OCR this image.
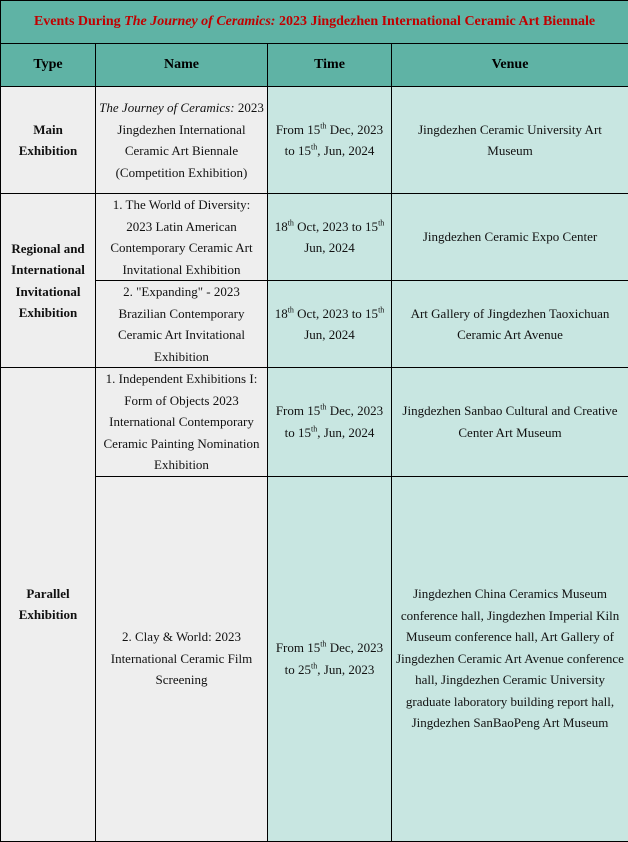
Events During The Journey of Ceramics: 2023 Jingdezhen International Ceramic Art Biennale			
Type	Name	Time	Venue
Main Exhibition	The Journey of Ceramics: 2023 Jingdezhen International Ceramic Art Biennale (Competition Exhibition)	From 15th Dec, 2023 to 15th, Jun, 2024	Jingdezhen Ceramic University Art Museum
Regional and International Invitational Exhibition	1. The World of Diversity: 2023 Latin American Contemporary Ceramic Art Invitational Exhibition	18th Oct, 2023 to 15th Jun, 2024	Jingdezhen Ceramic Expo Center
	2. "Expanding" - 2023 Brazilian Contemporary Ceramic Art Invitational Exhibition	18th Oct, 2023 to 15th Jun, 2024	Art Gallery of Jingdezhen Taoxichuan Ceramic Art Avenue
Parallel Exhibition	1. Independent Exhibitions I: Form of Objects 2023 International Contemporary Ceramic Painting Nomination Exhibition	From 15th Dec, 2023 to 15th, Jun, 2024	Jingdezhen Sanbao Cultural and Creative Center Art Museum
	2. Clay & World: 2023 International Ceramic Film Screening	From 15th Dec, 2023 to 25th, Jun, 2023	Jingdezhen China Ceramics Museum conference hall, Jingdezhen Imperial Kiln Museum conference hall, Art Gallery of Jingdezhen Ceramic Art Avenue conference hall, Jingdezhen Ceramic University graduate laboratory building report hall, Jingdezhen SanBaoPeng Art Museum
